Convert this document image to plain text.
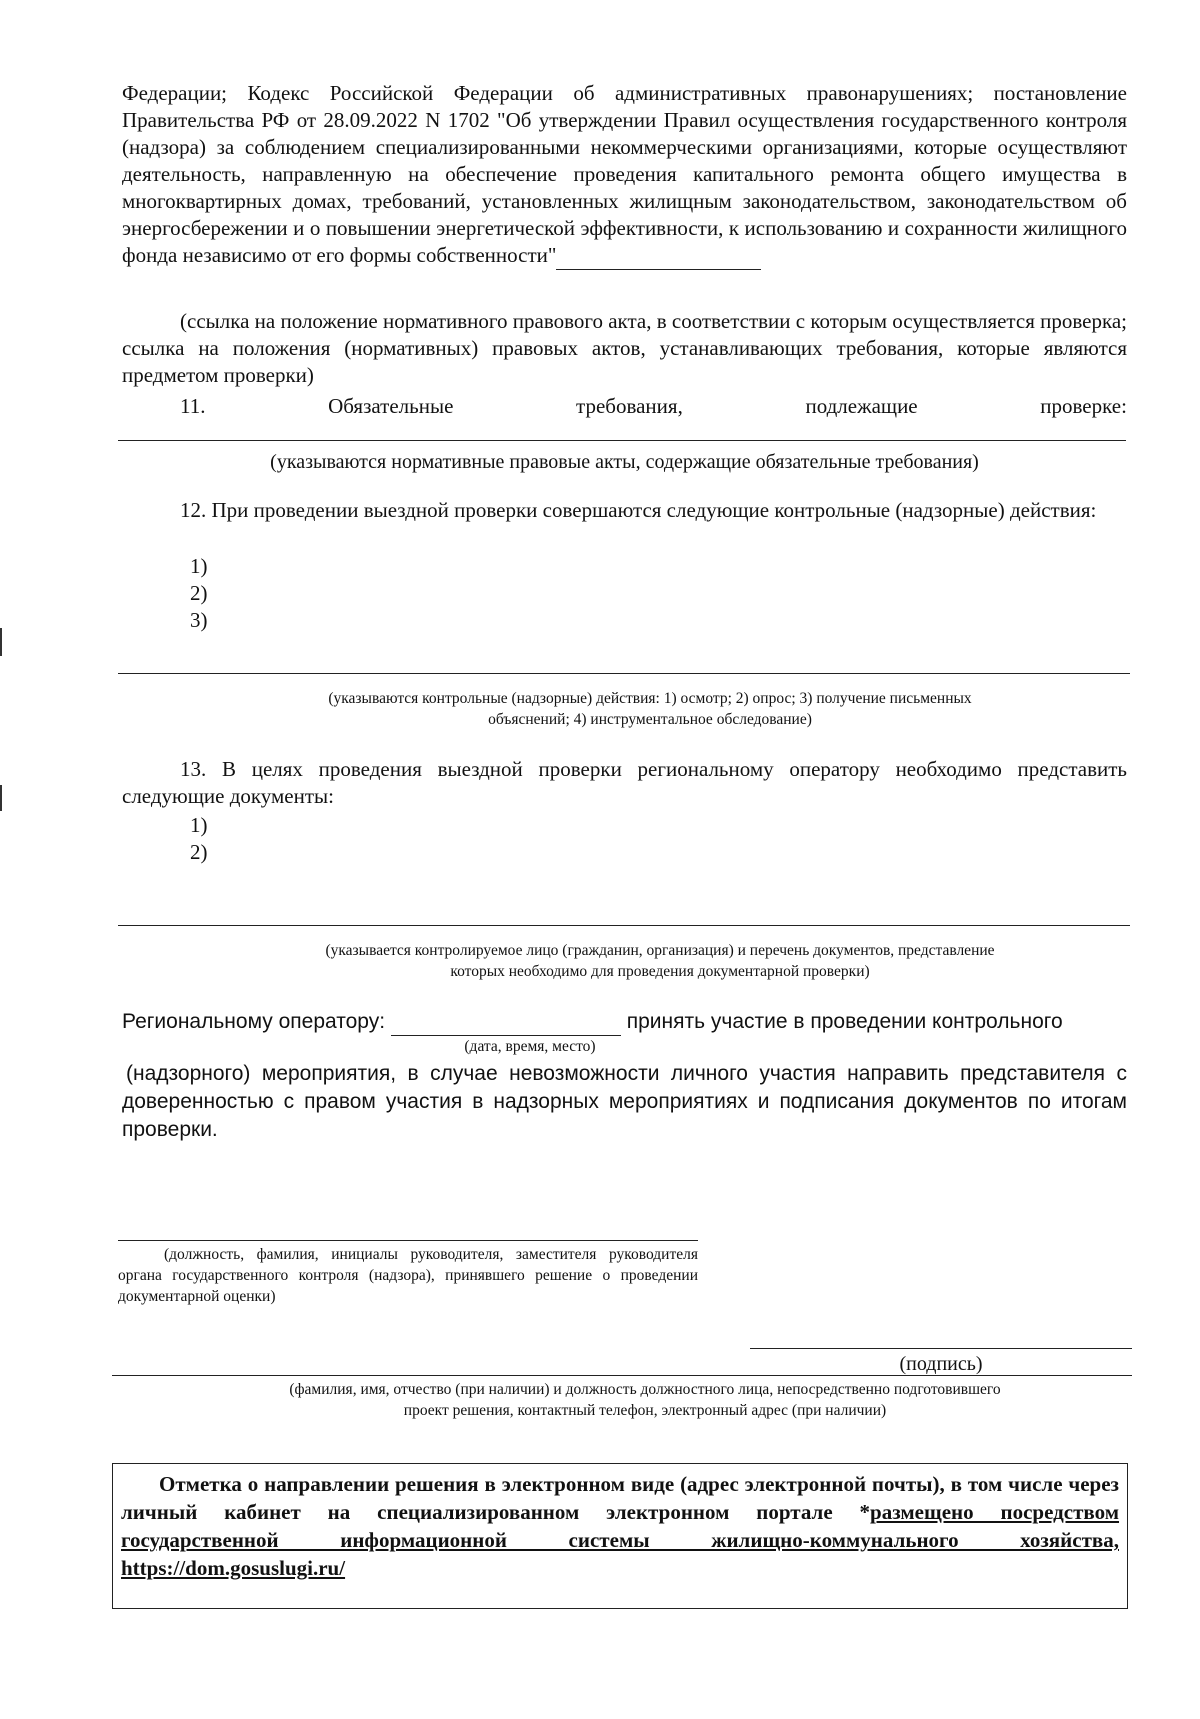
Федерации; Кодекс Российской Федерации об административных правонарушениях; постановление Правительства РФ от 28.09.2022 N 1702 "Об утверждении Правил осуществления государственного контроля (надзора) за соблюдением специализированными некоммерческими организациями, которые осуществляют деятельность, направленную на обеспечение проведения капитального ремонта общего имущества в многоквартирных домах, требований, установленных жилищным законодательством, законодательством об энергосбережении и о повышении энергетической эффективности, к использованию и сохранности жилищного фонда независимо от его формы собственности"
(ссылка на положение нормативного правового акта, в соответствии с которым осуществляется проверка; ссылка на положения (нормативных) правовых актов, устанавливающих требования, которые являются предметом проверки)
11.	Обязательные	требования,	подлежащие	проверке:
(указываются нормативные правовые акты, содержащие обязательные требования)
12. При проведении выездной проверки совершаются следующие контрольные (надзорные) действия:
1)
2)
3)
(указываются контрольные (надзорные) действия: 1) осмотр; 2) опрос; 3) получение письменных
объяснений; 4) инструментальное обследование)
13. В целях проведения выездной проверки региональному оператору необходимо представить следующие документы:
1)
2)
(указывается контролируемое лицо (гражданин, организация) и перечень документов, представление
которых необходимо для проведения документарной проверки)
Региональному оператору:	принять участие в проведении контрольного
(дата, время, место)
(надзорного) мероприятия, в случае невозможности личного участия направить представителя с доверенностью с правом участия в надзорных мероприятиях и подписания документов по итогам проверки.
(должность, фамилия, инициалы руководителя, заместителя руководителя органа государственного контроля (надзора), принявшего решение о проведении документарной оценки)
(подпись)
(фамилия, имя, отчество (при наличии) и должность должностного лица, непосредственно подготовившего
проект решения, контактный телефон, электронный адрес (при наличии)
Отметка о направлении решения в электронном виде (адрес электронной почты), в том числе через личный кабинет на специализированном электронном портале *размещено посредством государственной информационной системы жилищно-коммунального хозяйства, https://dom.gosuslugi.ru/
